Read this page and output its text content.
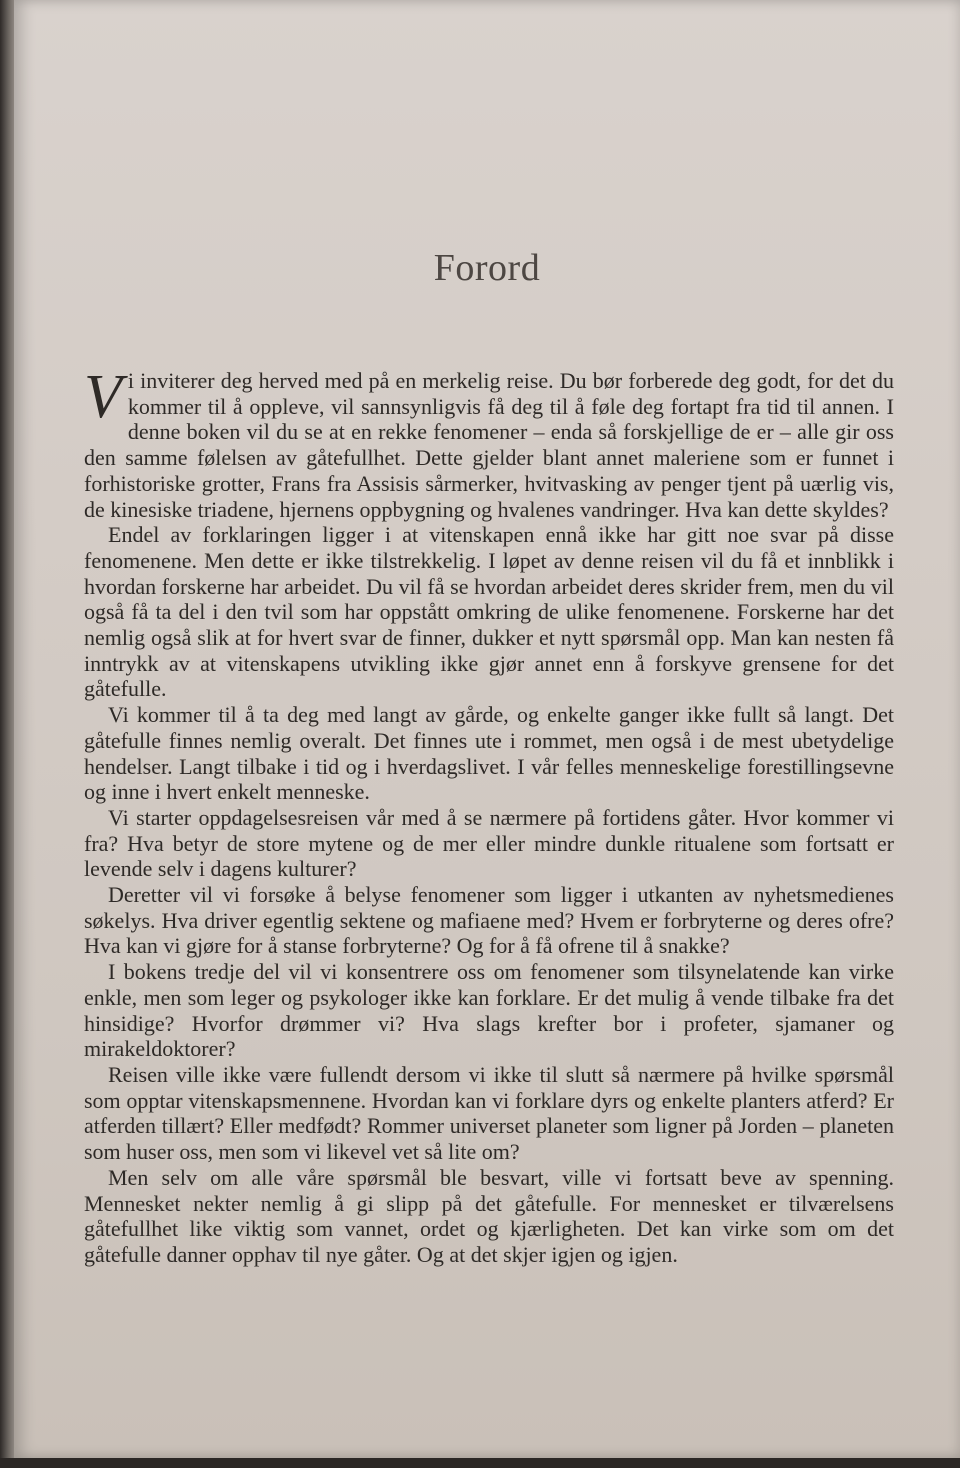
Forord

Vi inviterer deg herved med på en merkelig reise. Du bør forberede deg godt, for det du kommer til å oppleve, vil sannsynligvis få deg til å føle deg fortapt fra tid til annen. I denne boken vil du se at en rekke fenomener – enda så forskjellige de er – alle gir oss den samme følelsen av gåtefullhet. Dette gjelder blant annet maleriene som er funnet i forhistoriske grotter, Frans fra Assisis sårmerker, hvitvasking av penger tjent på uærlig vis, de kinesiske triadene, hjernens oppbygning og hvalenes vandringer. Hva kan dette skyldes?

Endel av forklaringen ligger i at vitenskapen ennå ikke har gitt noe svar på disse fenomenene. Men dette er ikke tilstrekkelig. I løpet av denne reisen vil du få et innblikk i hvordan forskerne har arbeidet. Du vil få se hvordan arbeidet deres skrider frem, men du vil også få ta del i den tvil som har oppstått omkring de ulike fenomenene. Forskerne har det nemlig også slik at for hvert svar de finner, dukker et nytt spørsmål opp. Man kan nesten få inntrykk av at vitenskapens utvikling ikke gjør annet enn å forskyve grensene for det gåtefulle.

Vi kommer til å ta deg med langt av gårde, og enkelte ganger ikke fullt så langt. Det gåtefulle finnes nemlig overalt. Det finnes ute i rommet, men også i de mest ubetydelige hendelser. Langt tilbake i tid og i hverdagslivet. I vår felles menneskelige forestillingsevne og inne i hvert enkelt menneske.

Vi starter oppdagelsesreisen vår med å se nærmere på fortidens gåter. Hvor kommer vi fra? Hva betyr de store mytene og de mer eller mindre dunkle ritualene som fortsatt er levende selv i dagens kulturer?

Deretter vil vi forsøke å belyse fenomener som ligger i utkanten av nyhetsmedienes søkelys. Hva driver egentlig sektene og mafiaene med? Hvem er forbryterne og deres ofre? Hva kan vi gjøre for å stanse forbryterne? Og for å få ofrene til å snakke?

I bokens tredje del vil vi konsentrere oss om fenomener som tilsynelatende kan virke enkle, men som leger og psykologer ikke kan forklare. Er det mulig å vende tilbake fra det hinsidige? Hvorfor drømmer vi? Hva slags krefter bor i profeter, sjamaner og mirakeldoktorer?

Reisen ville ikke være fullendt dersom vi ikke til slutt så nærmere på hvilke spørsmål som opptar vitenskapsmennene. Hvordan kan vi forklare dyrs og enkelte planters atferd? Er atferden tillært? Eller medfødt? Rommer universet planeter som ligner på Jorden – planeten som huser oss, men som vi likevel vet så lite om?

Men selv om alle våre spørsmål ble besvart, ville vi fortsatt beve av spenning. Mennesket nekter nemlig å gi slipp på det gåtefulle. For mennesket er tilværelsens gåtefullhet like viktig som vannet, ordet og kjærligheten. Det kan virke som om det gåtefulle danner opphav til nye gåter. Og at det skjer igjen og igjen.
